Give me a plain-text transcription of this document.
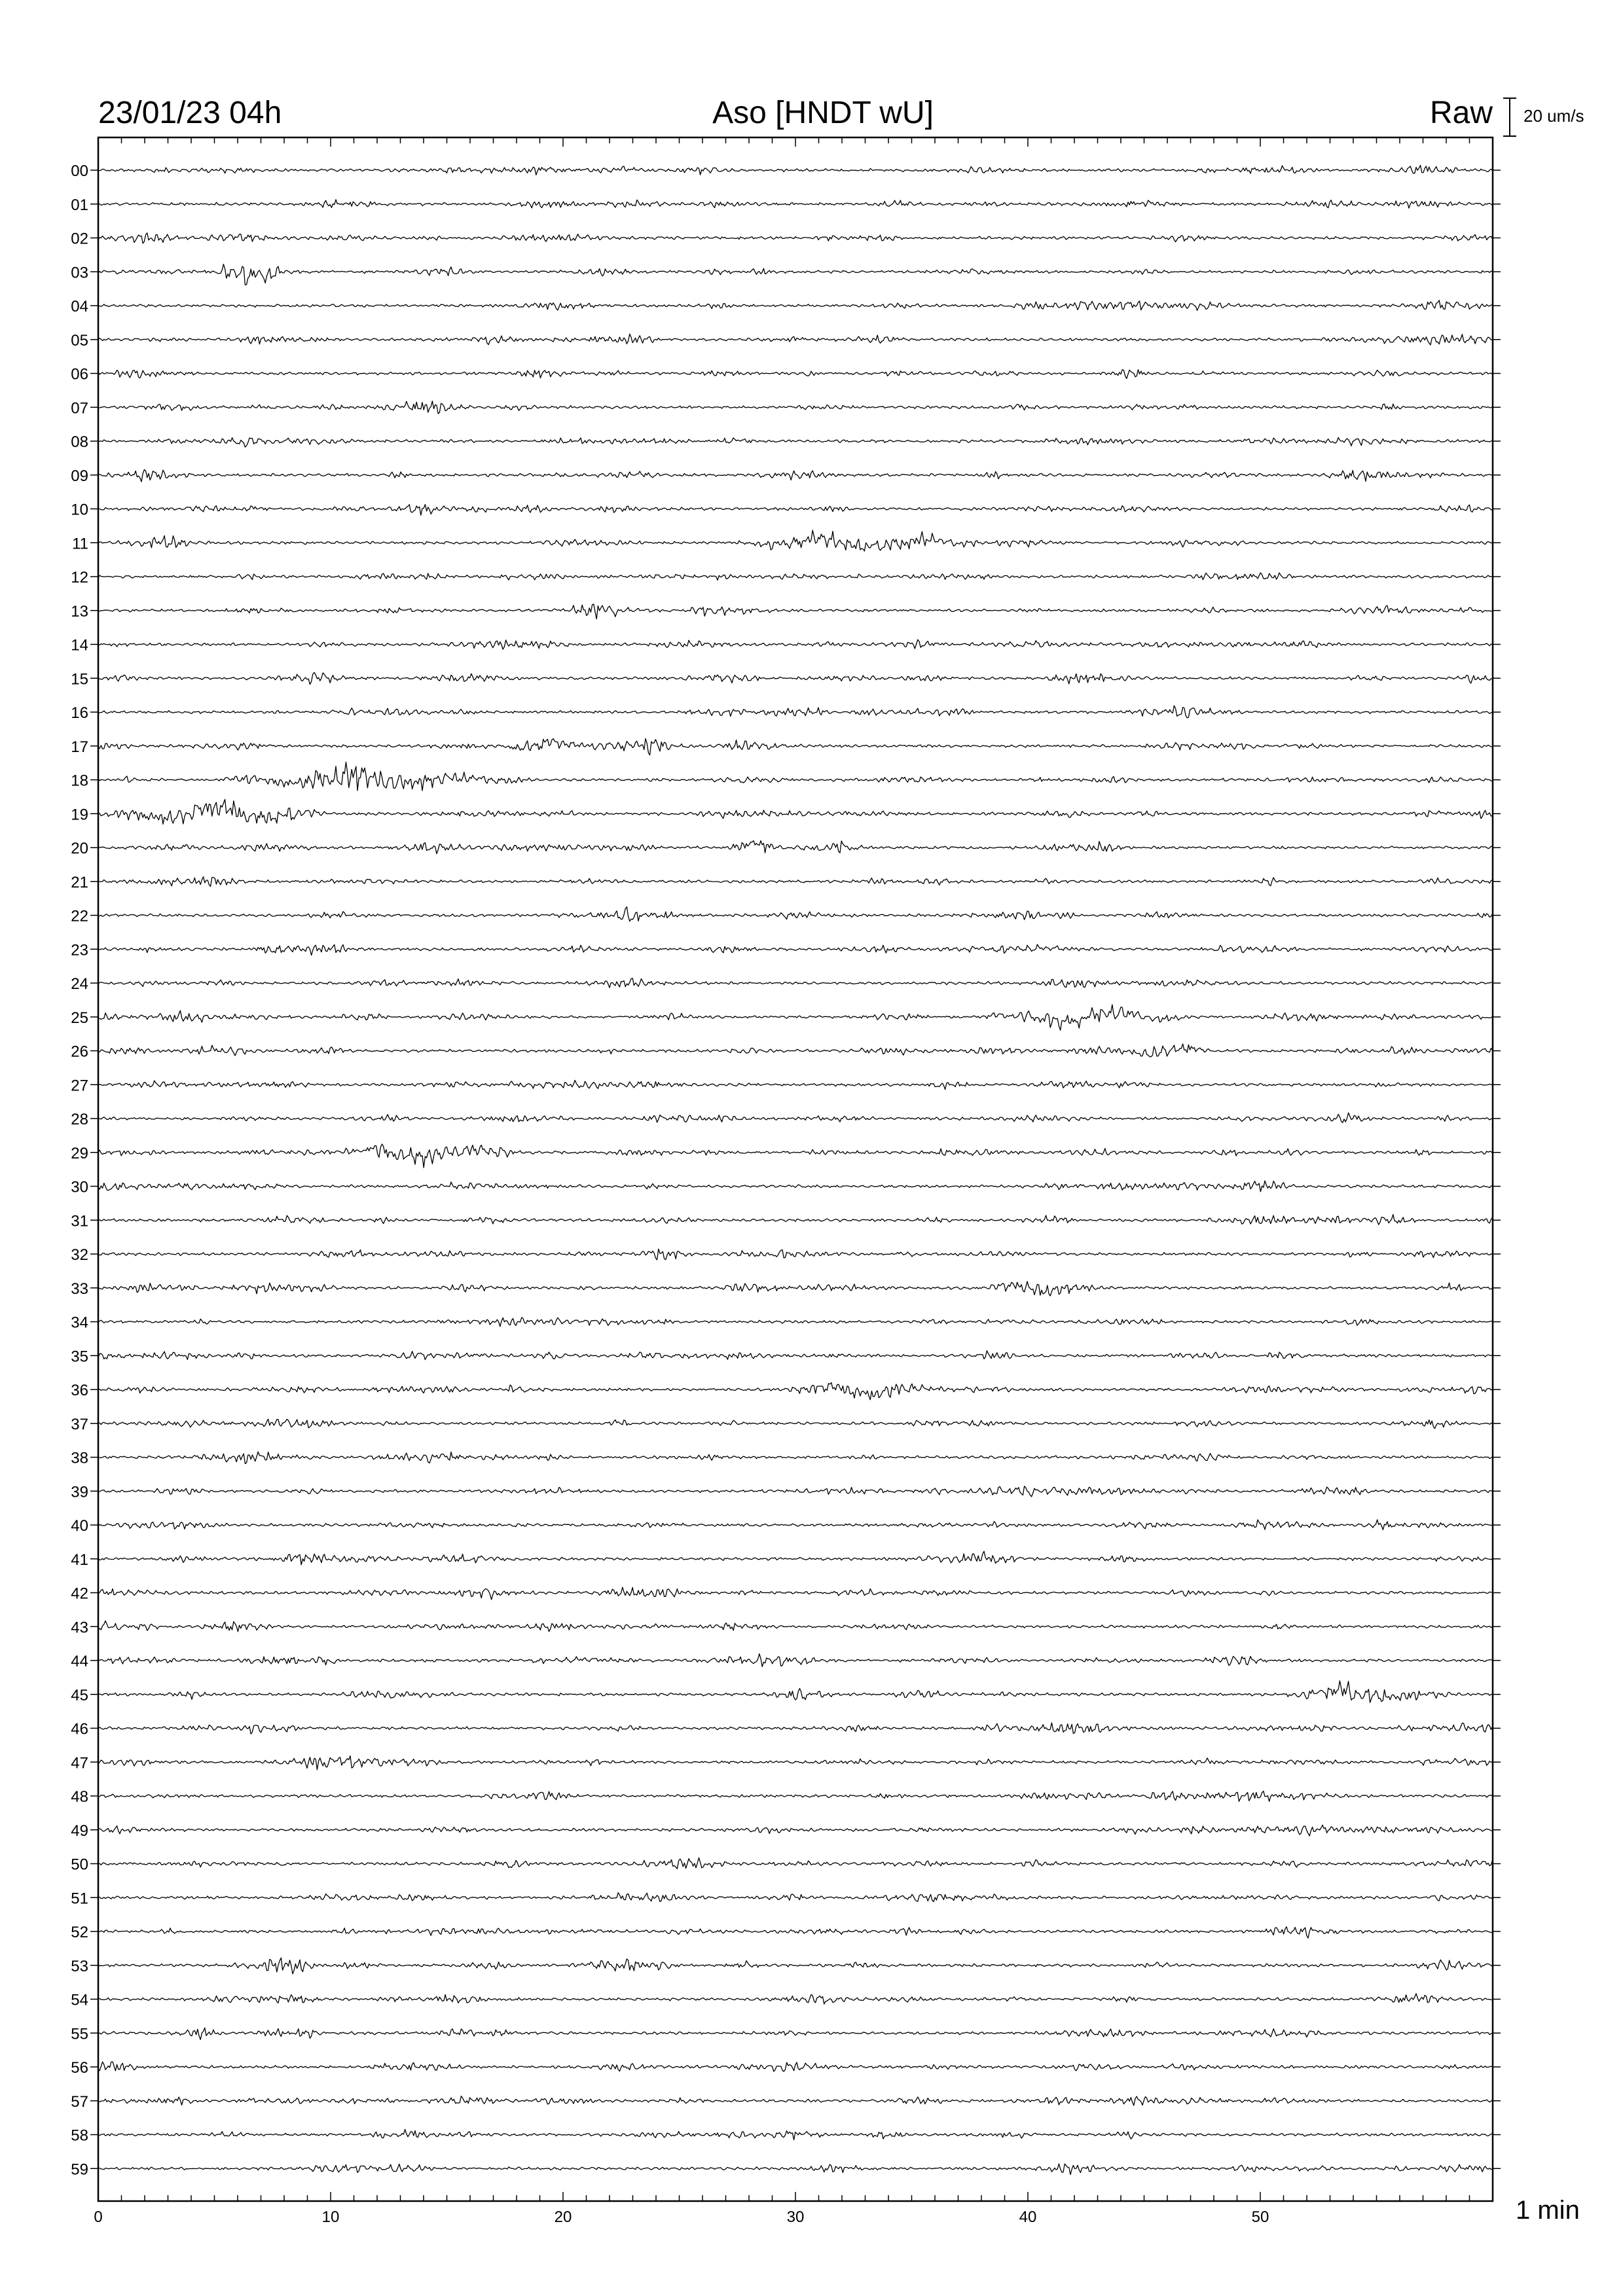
23/01/23 04h	Aso [HNDT wU]	Raw 20 um/s
0	10	20	30	40	50
00
01
02
03
04
05
06
07
08
09
10
11
12
13
14
15
16
17
18
19
20
21
22
23
24
25
26
27
28
29
30
31
32
33
34
35
36
37
38
39
40
41
42
43
44
45
46
47
48
49
50
51
52
53
54
55
56
57
58
59
1 min
